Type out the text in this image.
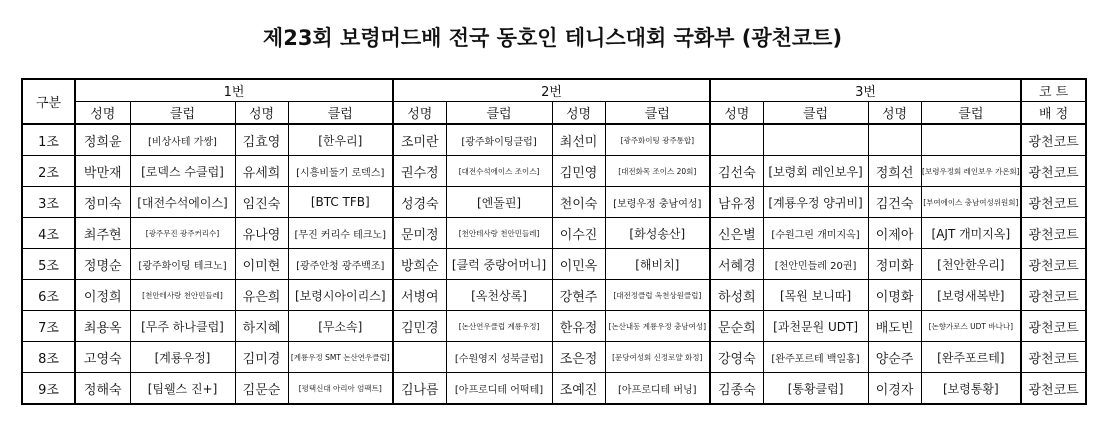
제23회 보령머드배 전국 동호인 테니스대회 국화부 (광천코트)
구분	1번				2번				3번				코 트
	성명	클럽	성명	클럽	성명	클럽	성명	클럽	성명	클럽	성명	클럽	배 정
1조	정희윤	[비상사테 가쌍]	김효영	[한우리]	조미란	[광주화이팅클럽]	최선미	[광주화이팅 광주통합]					광천코트
2조	박만재	[로덱스 수클럽]	유세희	[시흥비둘기 로덱스]	권수정	[대전수석에이스 조이스]	김민영	[대전화목 조이스 20회]	김선숙	[보령회 레인보우]	정희선	[보령우정회 레인보우 가온회]	광천코트
3조	정미숙	[대전수석에이스]	임진숙	[BTC TFB]	성경숙	[엔돌핀]	천이숙	[보령우정 충남여성]	남유정	[계룡우정 양귀비]	김건숙	[부여에이스 충남여성위원회]	광천코트
4조	최주현	[광주무진 광주커리수]	유나영	[무진 커리수 테크노]	문미정	[천안테사랑 천안민들레]	이수진	[화성송산]	신은별	[수원그린 개미지옥]	이제아	[AJT 개미지옥]	광천코트
5조	정명순	[광주화이팅 테크노]	이미현	[광주안청 광주백조]	방희순	[클럭 중랑어머니]	이민옥	[해비치]	서혜경	[천안민들레 20권]	정미화	[천안한우리]	광천코트
6조	이정희	[천안테사랑 천안민들레]	유은희	[보령시아이리스]	서병여	[옥천상록]	강현주	[대전정클럽 옥천상원클럽]	하성희	[목원 보니따]	이명화	[보령새복반]	광천코트
7조	최용옥	[무주 하나클럽]	하지혜	[무소속]	김민경	[논산연우클럽 계룡우정]	한유정	[논산내동 계룡우정 충남여성]	문순희	[과천문원 UDT]	배도빈	[논향가로스 UDT 바나나]	광천코트
8조	고영숙	[계룡우정]	김미경	[계룡우정 SMT 논산연우클럽]		[수원영지 성북클럽]	조은정	[문당여성회 신정로얄 화정]	강영숙	[완주포르테 백일홍]	양순주	[완주포르테]	광천코트
9조	정해숙	[팀웰스 진+]	김문순	[평택신대 아리아 엄팩트]	김나름	[아프로디테 어떡테]	조예진	[아프로디테 버닝]	김종숙	[통황클럽]	이경자	[보령통황]	광천코트
